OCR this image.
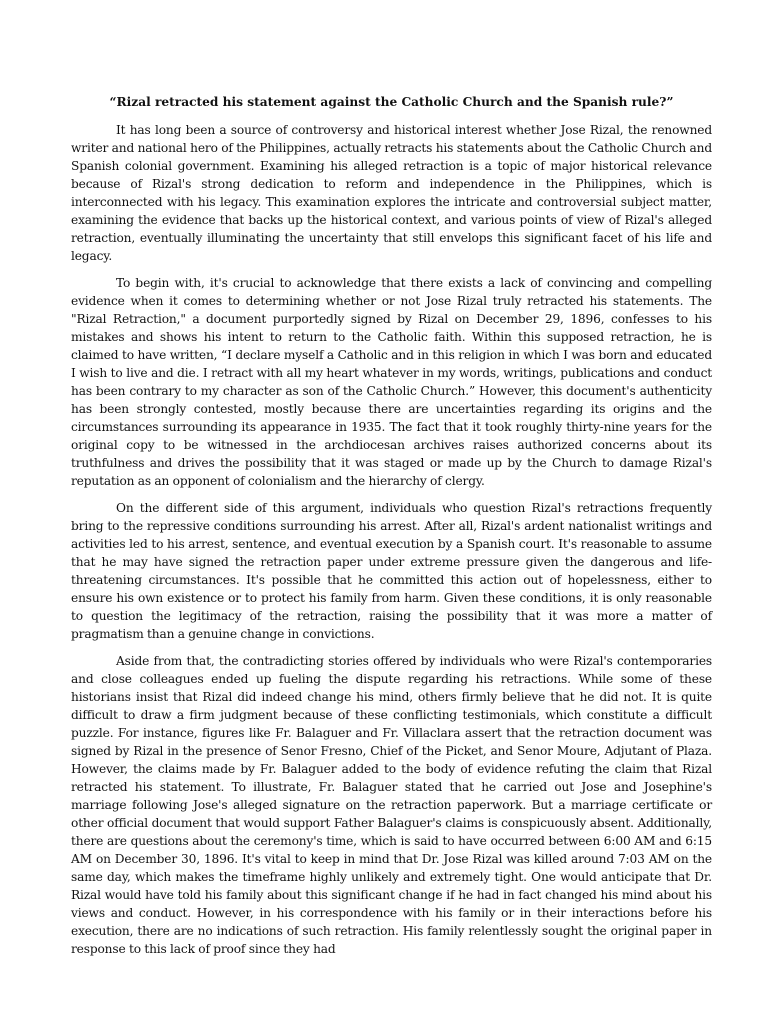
“Rizal retracted his statement against the Catholic Church and the Spanish rule?”

It has long been a source of controversy and historical interest whether Jose Rizal, the renowned writer and national hero of the Philippines, actually retracts his statements about the Catholic Church and Spanish colonial government. Examining his alleged retraction is a topic of major historical relevance because of Rizal's strong dedication to reform and independence in the Philippines, which is interconnected with his legacy. This examination explores the intricate and controversial subject matter, examining the evidence that backs up the historical context, and various points of view of Rizal's alleged retraction, eventually illuminating the uncertainty that still envelops this significant facet of his life and legacy.

To begin with, it's crucial to acknowledge that there exists a lack of convincing and compelling evidence when it comes to determining whether or not Jose Rizal truly retracted his statements. The "Rizal Retraction," a document purportedly signed by Rizal on December 29, 1896, confesses to his mistakes and shows his intent to return to the Catholic faith. Within this supposed retraction, he is claimed to have written, “I declare myself a Catholic and in this religion in which I was born and educated I wish to live and die. I retract with all my heart whatever in my words, writings, publications and conduct has been contrary to my character as son of the Catholic Church.” However, this document's authenticity has been strongly contested, mostly because there are uncertainties regarding its origins and the circumstances surrounding its appearance in 1935. The fact that it took roughly thirty-nine years for the original copy to be witnessed in the archdiocesan archives raises authorized concerns about its truthfulness and drives the possibility that it was staged or made up by the Church to damage Rizal's reputation as an opponent of colonialism and the hierarchy of clergy.

On the different side of this argument, individuals who question Rizal's retractions frequently bring to the repressive conditions surrounding his arrest. After all, Rizal's ardent nationalist writings and activities led to his arrest, sentence, and eventual execution by a Spanish court. It's reasonable to assume that he may have signed the retraction paper under extreme pressure given the dangerous and life-threatening circumstances. It's possible that he committed this action out of hopelessness, either to ensure his own existence or to protect his family from harm. Given these conditions, it is only reasonable to question the legitimacy of the retraction, raising the possibility that it was more a matter of pragmatism than a genuine change in convictions.

Aside from that, the contradicting stories offered by individuals who were Rizal's contemporaries and close colleagues ended up fueling the dispute regarding his retractions. While some of these historians insist that Rizal did indeed change his mind, others firmly believe that he did not. It is quite difficult to draw a firm judgment because of these conflicting testimonials, which constitute a difficult puzzle. For instance, figures like Fr. Balaguer and Fr. Villaclara assert that the retraction document was signed by Rizal in the presence of Senor Fresno, Chief of the Picket, and Senor Moure, Adjutant of Plaza. However, the claims made by Fr. Balaguer added to the body of evidence refuting the claim that Rizal retracted his statement. To illustrate, Fr. Balaguer stated that he carried out Jose and Josephine's marriage following Jose's alleged signature on the retraction paperwork. But a marriage certificate or other official document that would support Father Balaguer's claims is conspicuously absent. Additionally, there are questions about the ceremony's time, which is said to have occurred between 6:00 AM and 6:15 AM on December 30, 1896. It's vital to keep in mind that Dr. Jose Rizal was killed around 7:03 AM on the same day, which makes the timeframe highly unlikely and extremely tight. One would anticipate that Dr. Rizal would have told his family about this significant change if he had in fact changed his mind about his views and conduct. However, in his correspondence with his family or in their interactions before his execution, there are no indications of such retraction. His family relentlessly sought the original paper in response to this lack of proof since they had
